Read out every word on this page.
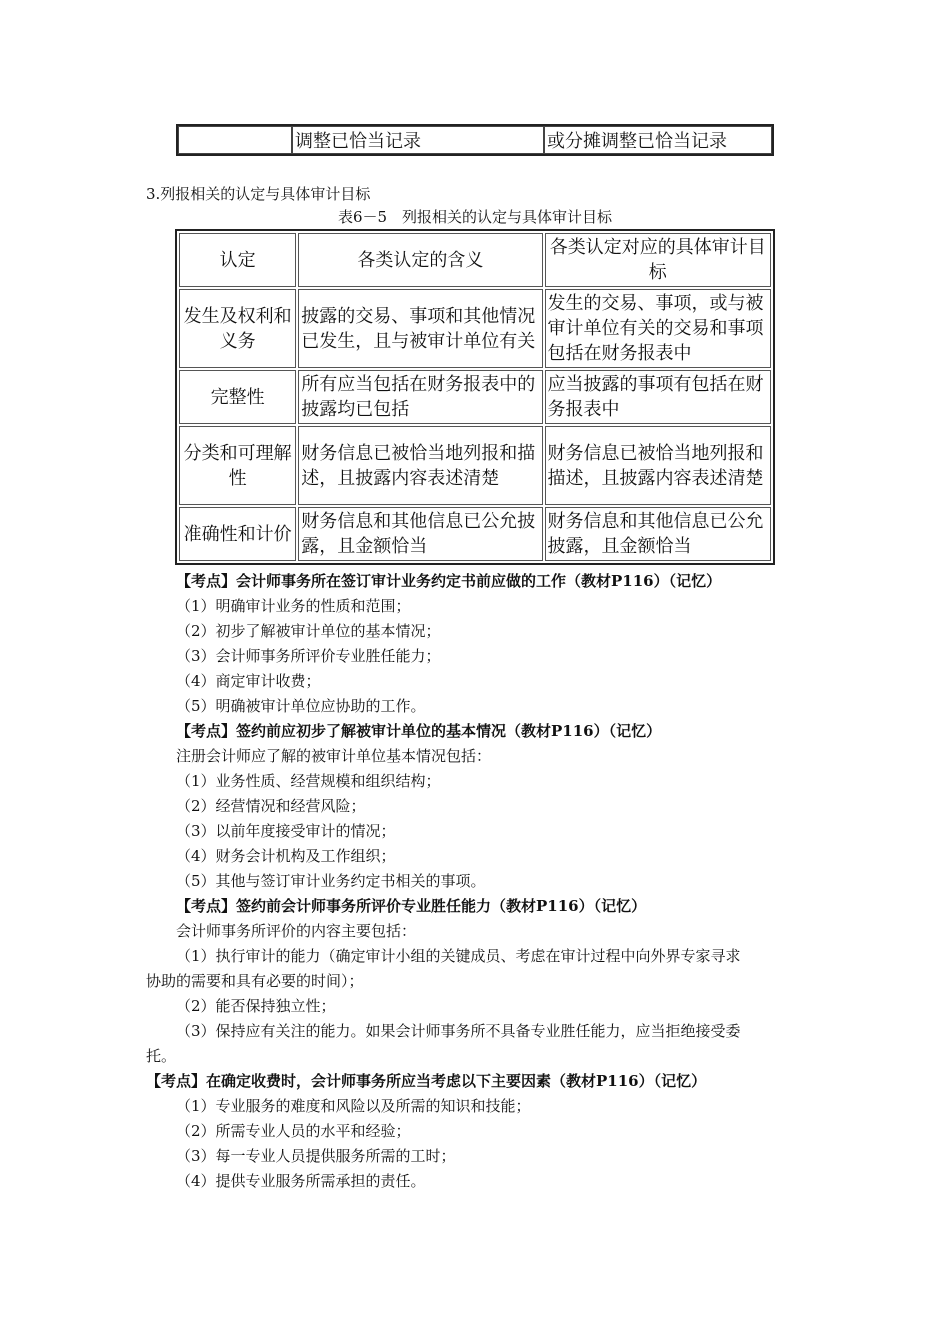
	调整已恰当记录	或分摊调整已恰当记录
3.列报相关的认定与具体审计目标
表6－5　列报相关的认定与具体审计目标
认定	各类认定的含义	各类认定对应的具体审计目标
发生及权利和义务	披露的交易、事项和其他情况已发生，且与被审计单位有关	发生的交易、事项，或与被审计单位有关的交易和事项包括在财务报表中
完整性	所有应当包括在财务报表中的披露均已包括	应当披露的事项有包括在财务报表中
分类和可理解性	财务信息已被恰当地列报和描述，且披露内容表述清楚	财务信息已被恰当地列报和描述，且披露内容表述清楚
准确性和计价	财务信息和其他信息已公允披露，且金额恰当	财务信息和其他信息已公允披露，且金额恰当
【考点】会计师事务所在签订审计业务约定书前应做的工作（教材P116）（记忆）
（1）明确审计业务的性质和范围；
（2）初步了解被审计单位的基本情况；
（3）会计师事务所评价专业胜任能力；
（4）商定审计收费；
（5）明确被审计单位应协助的工作。
【考点】签约前应初步了解被审计单位的基本情况（教材P116）（记忆）
注册会计师应了解的被审计单位基本情况包括：
（1）业务性质、经营规模和组织结构；
（2）经营情况和经营风险；
（3）以前年度接受审计的情况；
（4）财务会计机构及工作组织；
（5）其他与签订审计业务约定书相关的事项。
【考点】签约前会计师事务所评价专业胜任能力（教材P116）（记忆）
会计师事务所评价的内容主要包括：
（1）执行审计的能力（确定审计小组的关键成员、考虑在审计过程中向外界专家寻求
协助的需要和具有必要的时间）；
（2）能否保持独立性；
（3）保持应有关注的能力。如果会计师事务所不具备专业胜任能力，应当拒绝接受委
托。
【考点】在确定收费时，会计师事务所应当考虑以下主要因素（教材P116）（记忆）
（1）专业服务的难度和风险以及所需的知识和技能；
（2）所需专业人员的水平和经验；
（3）每一专业人员提供服务所需的工时；
（4）提供专业服务所需承担的责任。
